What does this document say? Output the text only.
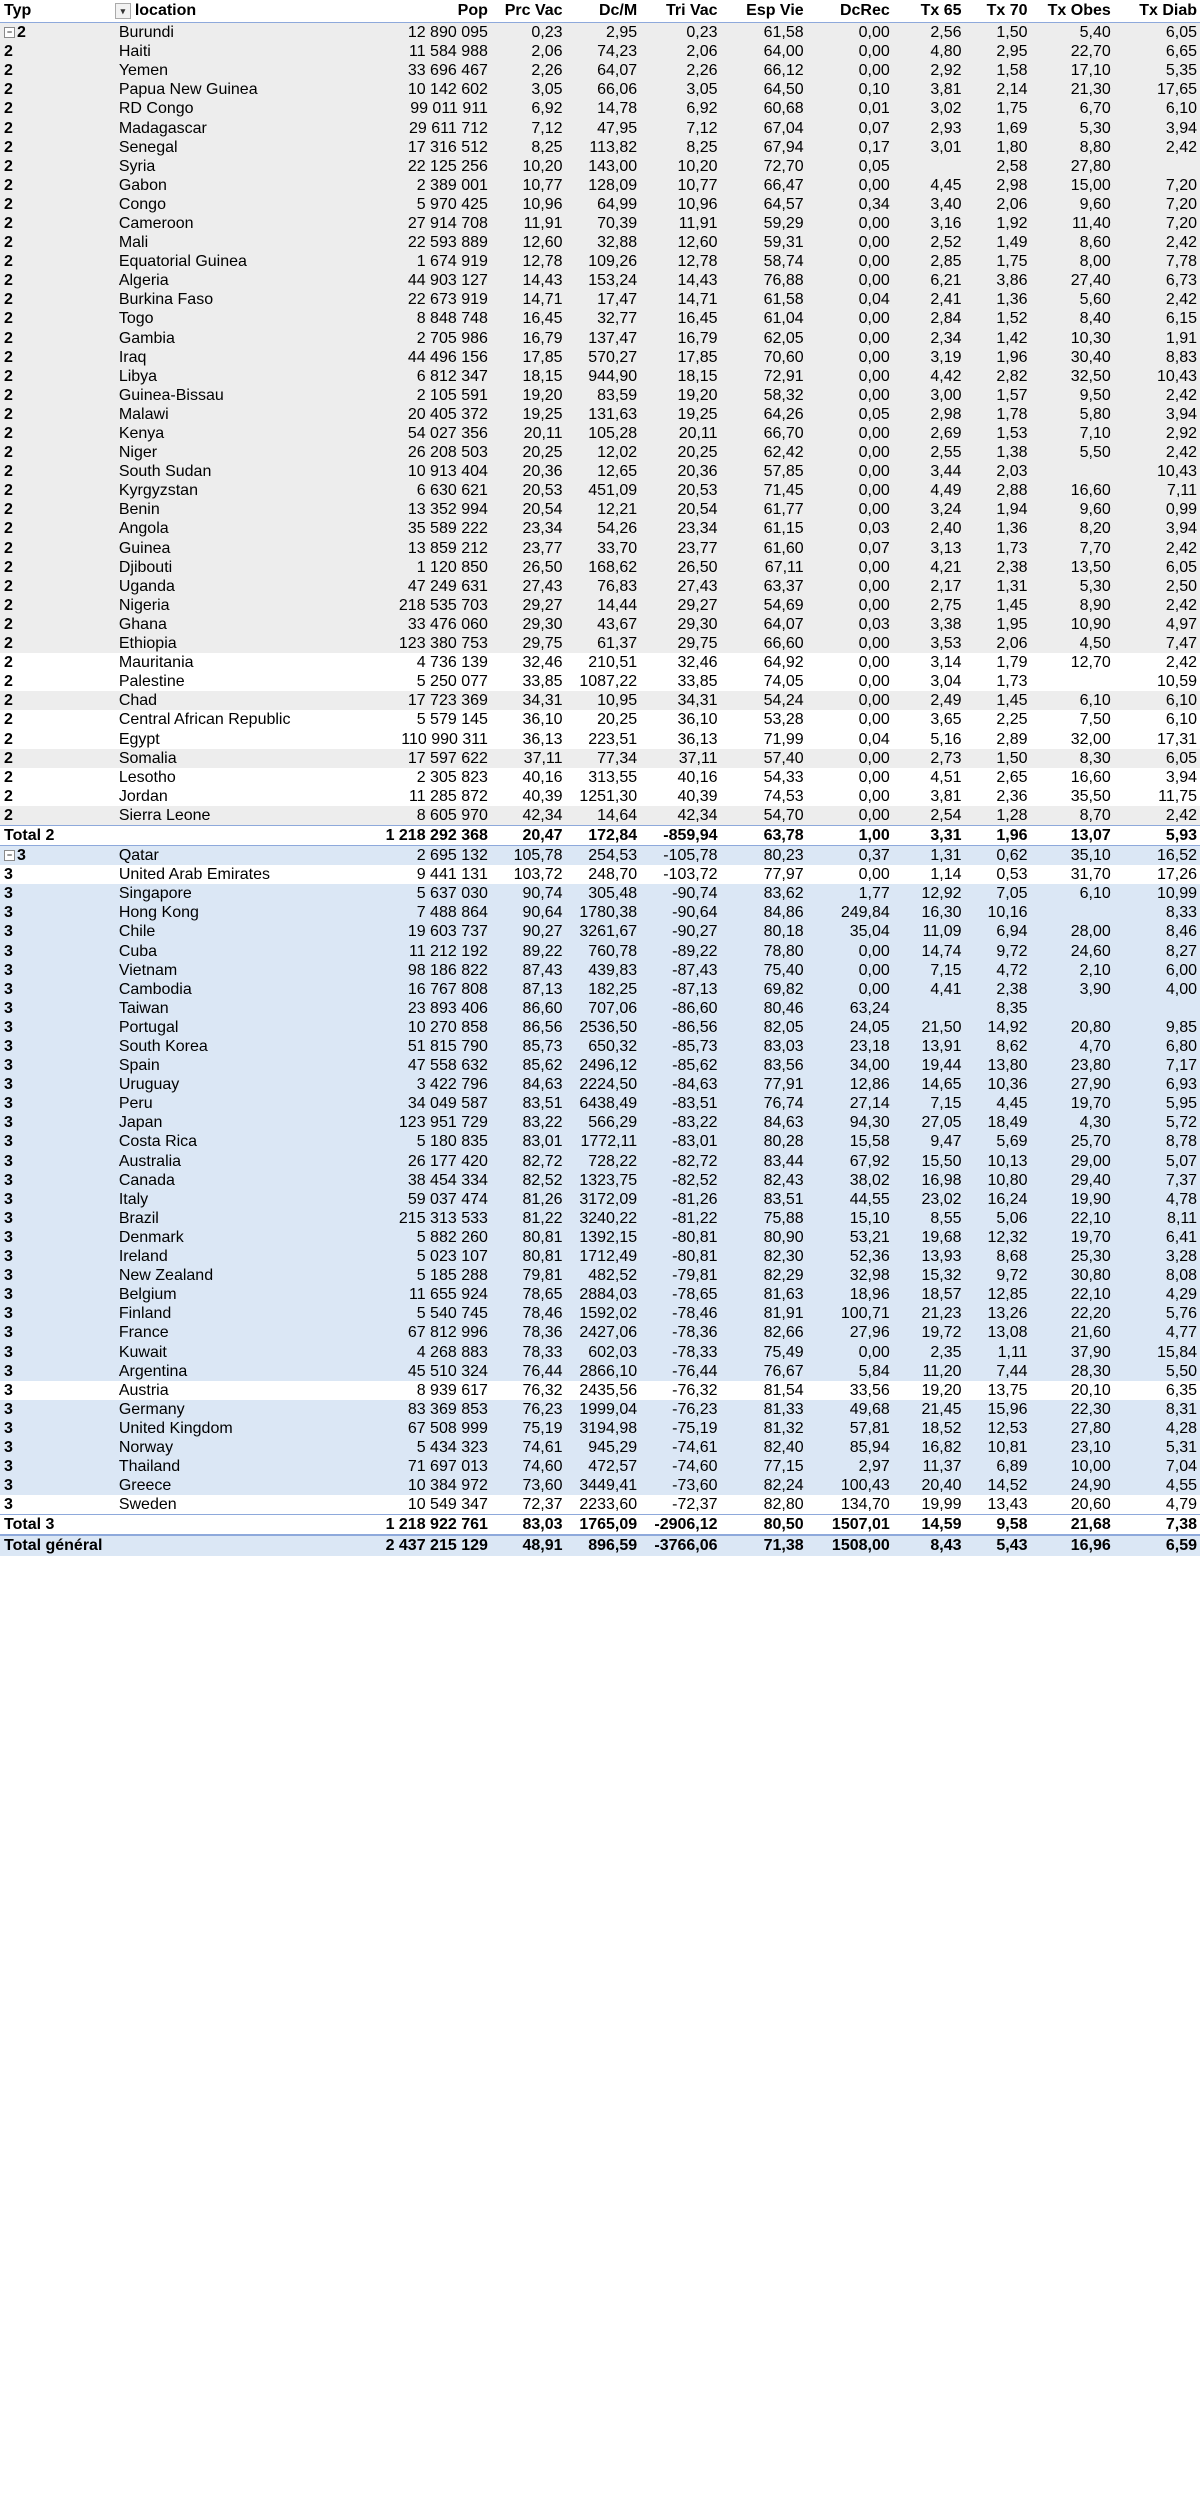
Typ	▾ location	Pop	Prc Vac	Dc/M	Tri Vac	Esp Vie	DcRec	Tx 65	Tx 70	Tx Obes	Tx Diab
− 2	Burundi	12 890 095	0,23	2,95	0,23	61,58	0,00	2,56	1,50	5,40	6,05
2	Haiti	11 584 988	2,06	74,23	2,06	64,00	0,00	4,80	2,95	22,70	6,65
2	Yemen	33 696 467	2,26	64,07	2,26	66,12	0,00	2,92	1,58	17,10	5,35
2	Papua New Guinea	10 142 602	3,05	66,06	3,05	64,50	0,10	3,81	2,14	21,30	17,65
2	RD Congo	99 011 911	6,92	14,78	6,92	60,68	0,01	3,02	1,75	6,70	6,10
2	Madagascar	29 611 712	7,12	47,95	7,12	67,04	0,07	2,93	1,69	5,30	3,94
2	Senegal	17 316 512	8,25	113,82	8,25	67,94	0,17	3,01	1,80	8,80	2,42
2	Syria	22 125 256	10,20	143,00	10,20	72,70	0,05		2,58	27,80	
2	Gabon	2 389 001	10,77	128,09	10,77	66,47	0,00	4,45	2,98	15,00	7,20
2	Congo	5 970 425	10,96	64,99	10,96	64,57	0,34	3,40	2,06	9,60	7,20
2	Cameroon	27 914 708	11,91	70,39	11,91	59,29	0,00	3,16	1,92	11,40	7,20
2	Mali	22 593 889	12,60	32,88	12,60	59,31	0,00	2,52	1,49	8,60	2,42
2	Equatorial Guinea	1 674 919	12,78	109,26	12,78	58,74	0,00	2,85	1,75	8,00	7,78
2	Algeria	44 903 127	14,43	153,24	14,43	76,88	0,00	6,21	3,86	27,40	6,73
2	Burkina Faso	22 673 919	14,71	17,47	14,71	61,58	0,04	2,41	1,36	5,60	2,42
2	Togo	8 848 748	16,45	32,77	16,45	61,04	0,00	2,84	1,52	8,40	6,15
2	Gambia	2 705 986	16,79	137,47	16,79	62,05	0,00	2,34	1,42	10,30	1,91
2	Iraq	44 496 156	17,85	570,27	17,85	70,60	0,00	3,19	1,96	30,40	8,83
2	Libya	6 812 347	18,15	944,90	18,15	72,91	0,00	4,42	2,82	32,50	10,43
2	Guinea-Bissau	2 105 591	19,20	83,59	19,20	58,32	0,00	3,00	1,57	9,50	2,42
2	Malawi	20 405 372	19,25	131,63	19,25	64,26	0,05	2,98	1,78	5,80	3,94
2	Kenya	54 027 356	20,11	105,28	20,11	66,70	0,00	2,69	1,53	7,10	2,92
2	Niger	26 208 503	20,25	12,02	20,25	62,42	0,00	2,55	1,38	5,50	2,42
2	South Sudan	10 913 404	20,36	12,65	20,36	57,85	0,00	3,44	2,03		10,43
2	Kyrgyzstan	6 630 621	20,53	451,09	20,53	71,45	0,00	4,49	2,88	16,60	7,11
2	Benin	13 352 994	20,54	12,21	20,54	61,77	0,00	3,24	1,94	9,60	0,99
2	Angola	35 589 222	23,34	54,26	23,34	61,15	0,03	2,40	1,36	8,20	3,94
2	Guinea	13 859 212	23,77	33,70	23,77	61,60	0,07	3,13	1,73	7,70	2,42
2	Djibouti	1 120 850	26,50	168,62	26,50	67,11	0,00	4,21	2,38	13,50	6,05
2	Uganda	47 249 631	27,43	76,83	27,43	63,37	0,00	2,17	1,31	5,30	2,50
2	Nigeria	218 535 703	29,27	14,44	29,27	54,69	0,00	2,75	1,45	8,90	2,42
2	Ghana	33 476 060	29,30	43,67	29,30	64,07	0,03	3,38	1,95	10,90	4,97
2	Ethiopia	123 380 753	29,75	61,37	29,75	66,60	0,00	3,53	2,06	4,50	7,47
2	Mauritania	4 736 139	32,46	210,51	32,46	64,92	0,00	3,14	1,79	12,70	2,42
2	Palestine	5 250 077	33,85	1087,22	33,85	74,05	0,00	3,04	1,73		10,59
2	Chad	17 723 369	34,31	10,95	34,31	54,24	0,00	2,49	1,45	6,10	6,10
2	Central African Republic	5 579 145	36,10	20,25	36,10	53,28	0,00	3,65	2,25	7,50	6,10
2	Egypt	110 990 311	36,13	223,51	36,13	71,99	0,04	5,16	2,89	32,00	17,31
2	Somalia	17 597 622	37,11	77,34	37,11	57,40	0,00	2,73	1,50	8,30	6,05
2	Lesotho	2 305 823	40,16	313,55	40,16	54,33	0,00	4,51	2,65	16,60	3,94
2	Jordan	11 285 872	40,39	1251,30	40,39	74,53	0,00	3,81	2,36	35,50	11,75
2	Sierra Leone	8 605 970	42,34	14,64	42,34	54,70	0,00	2,54	1,28	8,70	2,42
Total 2		1 218 292 368	20,47	172,84	-859,94	63,78	1,00	3,31	1,96	13,07	5,93
− 3	Qatar	2 695 132	105,78	254,53	-105,78	80,23	0,37	1,31	0,62	35,10	16,52
3	United Arab Emirates	9 441 131	103,72	248,70	-103,72	77,97	0,00	1,14	0,53	31,70	17,26
3	Singapore	5 637 030	90,74	305,48	-90,74	83,62	1,77	12,92	7,05	6,10	10,99
3	Hong Kong	7 488 864	90,64	1780,38	-90,64	84,86	249,84	16,30	10,16		8,33
3	Chile	19 603 737	90,27	3261,67	-90,27	80,18	35,04	11,09	6,94	28,00	8,46
3	Cuba	11 212 192	89,22	760,78	-89,22	78,80	0,00	14,74	9,72	24,60	8,27
3	Vietnam	98 186 822	87,43	439,83	-87,43	75,40	0,00	7,15	4,72	2,10	6,00
3	Cambodia	16 767 808	87,13	182,25	-87,13	69,82	0,00	4,41	2,38	3,90	4,00
3	Taiwan	23 893 406	86,60	707,06	-86,60	80,46	63,24		8,35		
3	Portugal	10 270 858	86,56	2536,50	-86,56	82,05	24,05	21,50	14,92	20,80	9,85
3	South Korea	51 815 790	85,73	650,32	-85,73	83,03	23,18	13,91	8,62	4,70	6,80
3	Spain	47 558 632	85,62	2496,12	-85,62	83,56	34,00	19,44	13,80	23,80	7,17
3	Uruguay	3 422 796	84,63	2224,50	-84,63	77,91	12,86	14,65	10,36	27,90	6,93
3	Peru	34 049 587	83,51	6438,49	-83,51	76,74	27,14	7,15	4,45	19,70	5,95
3	Japan	123 951 729	83,22	566,29	-83,22	84,63	94,30	27,05	18,49	4,30	5,72
3	Costa Rica	5 180 835	83,01	1772,11	-83,01	80,28	15,58	9,47	5,69	25,70	8,78
3	Australia	26 177 420	82,72	728,22	-82,72	83,44	67,92	15,50	10,13	29,00	5,07
3	Canada	38 454 334	82,52	1323,75	-82,52	82,43	38,02	16,98	10,80	29,40	7,37
3	Italy	59 037 474	81,26	3172,09	-81,26	83,51	44,55	23,02	16,24	19,90	4,78
3	Brazil	215 313 533	81,22	3240,22	-81,22	75,88	15,10	8,55	5,06	22,10	8,11
3	Denmark	5 882 260	80,81	1392,15	-80,81	80,90	53,21	19,68	12,32	19,70	6,41
3	Ireland	5 023 107	80,81	1712,49	-80,81	82,30	52,36	13,93	8,68	25,30	3,28
3	New Zealand	5 185 288	79,81	482,52	-79,81	82,29	32,98	15,32	9,72	30,80	8,08
3	Belgium	11 655 924	78,65	2884,03	-78,65	81,63	18,96	18,57	12,85	22,10	4,29
3	Finland	5 540 745	78,46	1592,02	-78,46	81,91	100,71	21,23	13,26	22,20	5,76
3	France	67 812 996	78,36	2427,06	-78,36	82,66	27,96	19,72	13,08	21,60	4,77
3	Kuwait	4 268 883	78,33	602,03	-78,33	75,49	0,00	2,35	1,11	37,90	15,84
3	Argentina	45 510 324	76,44	2866,10	-76,44	76,67	5,84	11,20	7,44	28,30	5,50
3	Austria	8 939 617	76,32	2435,56	-76,32	81,54	33,56	19,20	13,75	20,10	6,35
3	Germany	83 369 853	76,23	1999,04	-76,23	81,33	49,68	21,45	15,96	22,30	8,31
3	United Kingdom	67 508 999	75,19	3194,98	-75,19	81,32	57,81	18,52	12,53	27,80	4,28
3	Norway	5 434 323	74,61	945,29	-74,61	82,40	85,94	16,82	10,81	23,10	5,31
3	Thailand	71 697 013	74,60	472,57	-74,60	77,15	2,97	11,37	6,89	10,00	7,04
3	Greece	10 384 972	73,60	3449,41	-73,60	82,24	100,43	20,40	14,52	24,90	4,55
3	Sweden	10 549 347	72,37	2233,60	-72,37	82,80	134,70	19,99	13,43	20,60	4,79
Total 3		1 218 922 761	83,03	1765,09	-2906,12	80,50	1507,01	14,59	9,58	21,68	7,38
Total général		2 437 215 129	48,91	896,59	-3766,06	71,38	1508,00	8,43	5,43	16,96	6,59
